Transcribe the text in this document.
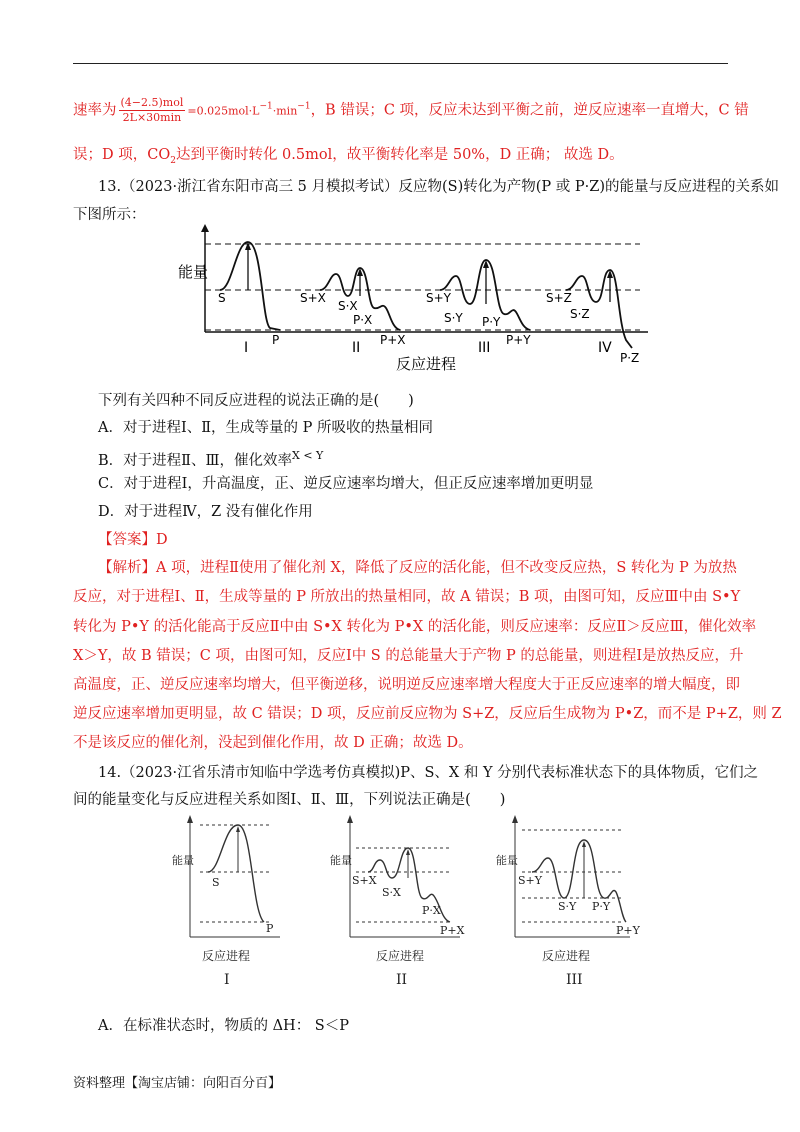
速率为 $\frac{\text{(4−2.5)mol}}{2L\times 30\min} =0.025mol\cdot L^{-1}\cdot\min^{-1}$，B 错误；C 项，反应未达到平衡之前，逆反应速率一直增大，C 错
误；D 项，$CO_2$达到平衡时转化 0.5mol，故平衡转化率是 50%，D 正确； 故选 D。
13.（2023·浙江省东阳市高三 5 月模拟考试）反应物(S)转化为产物(P 或 P·Z)的能量与反应进程的关系如
下图所示：
能量
S
P
S+X
S·X
P·X
P+X
S+Y
S·Y P·Y
P+Y
S+Z
S·Z
P·Z
I	II	III	IV
反应进程
下列有关四种不同反应进程的说法正确的是(　　)
A．对于进程Ⅰ、Ⅱ，生成等量的 P 所吸收的热量相同
B．对于进程Ⅱ、Ⅲ，催化效率$^{X < Y}$
C．对于进程Ⅰ，升高温度，正、逆反应速率均增大，但正反应速率增加更明显
D．对于进程Ⅳ，Z 没有催化作用
【答案】D
【解析】A 项，进程Ⅱ使用了催化剂 X，降低了反应的活化能，但不改变反应热，S 转化为 P 为放热
反应，对于进程Ⅰ、Ⅱ，生成等量的 P 所放出的热量相同，故 A 错误；B 项，由图可知，反应Ⅲ中由 S•Y
转化为 P•Y 的活化能高于反应Ⅱ中由 S•X 转化为 P•X 的活化能，则反应速率：反应Ⅱ＞反应Ⅲ，催化效率
X＞Y，故 B 错误；C 项，由图可知，反应Ⅰ中 S 的总能量大于产物 P 的总能量，则进程Ⅰ是放热反应，升
高温度，正、逆反应速率均增大，但平衡逆移，说明逆反应速率增大程度大于正反应速率的增大幅度，即
逆反应速率增加更明显，故 C 错误；D 项，反应前反应物为 S+Z，反应后生成物为 P•Z，而不是 P+Z，则 Z
不是该反应的催化剂，没起到催化作用，故 D 正确；故选 D。
14.（2023·江省乐清市知临中学选考仿真模拟)P、S、X 和 Y 分别代表标准状态下的具体物质，它们之
间的能量变化与反应进程关系如图Ⅰ、Ⅱ、Ⅲ，下列说法正确是(　　)
能量
S
P
反应进程
I
能量
S+X
S·X
P·X
P+X
反应进程
II
能量
S+Y
S·Y P·Y
P+Y
反应进程
III
A．在标准状态时，物质的 ΔH： S＜P
资料整理【淘宝店铺：向阳百分百】
